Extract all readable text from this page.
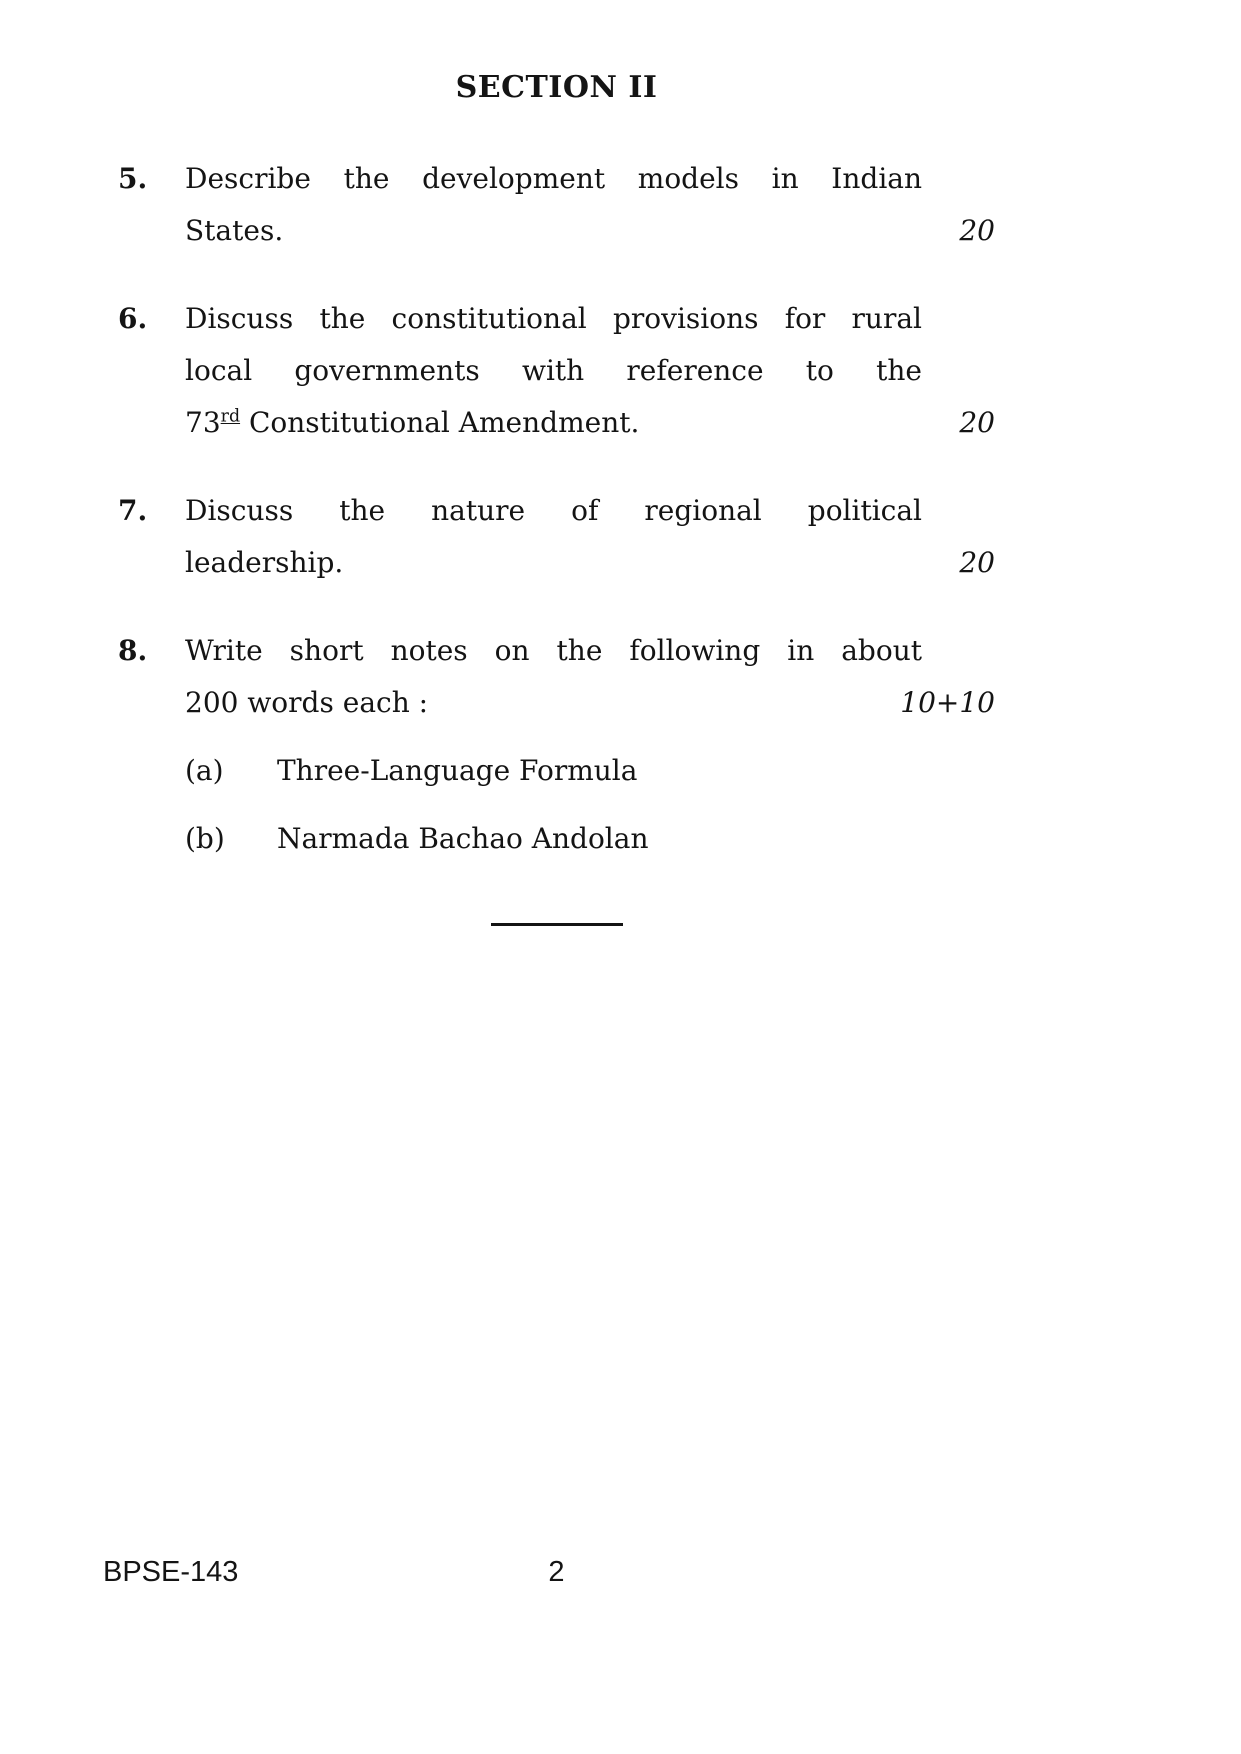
SECTION II
5.	Describe the development models in Indian
States.	20
6.	Discuss the constitutional provisions for rural
local governments with reference to the
73rd Constitutional Amendment.	20
7.	Discuss the nature of regional political
leadership.	20
8.	Write short notes on the following in about
200 words each :	10+10
(a)	Three-Language Formula
(b)	Narmada Bachao Andolan
BPSE-143	2
